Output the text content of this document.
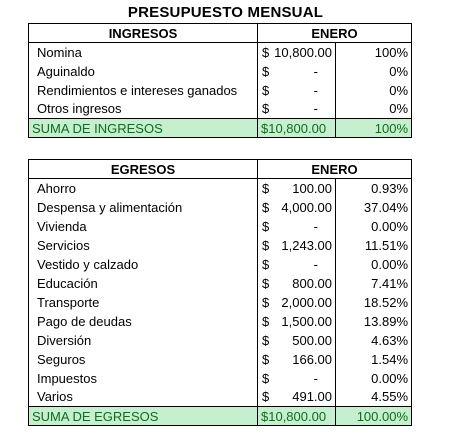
PRESUPUESTO MENSUAL
INGRESOS	ENERO	
Nomina	$ 10,800.00	100%
Aguinaldo	$ -	0%
Rendimientos e intereses ganados	$ -	0%
Otros ingresos	$ -	0%
SUMA DE INGRESOS	$10,800.00	100%
EGRESOS	ENERO	
Ahorro	$ 100.00	0.93%
Despensa y alimentación	$ 4,000.00	37.04%
Vivienda	$ -	0.00%
Servicios	$ 1,243.00	11.51%
Vestido y calzado	$ -	0.00%
Educación	$ 800.00	7.41%
Transporte	$ 2,000.00	18.52%
Pago de deudas	$ 1,500.00	13.89%
Diversión	$ 500.00	4.63%
Seguros	$ 166.00	1.54%
Impuestos	$ -	0.00%
Varios	$ 491.00	4.55%
SUMA DE EGRESOS	$10,800.00	100.00%
